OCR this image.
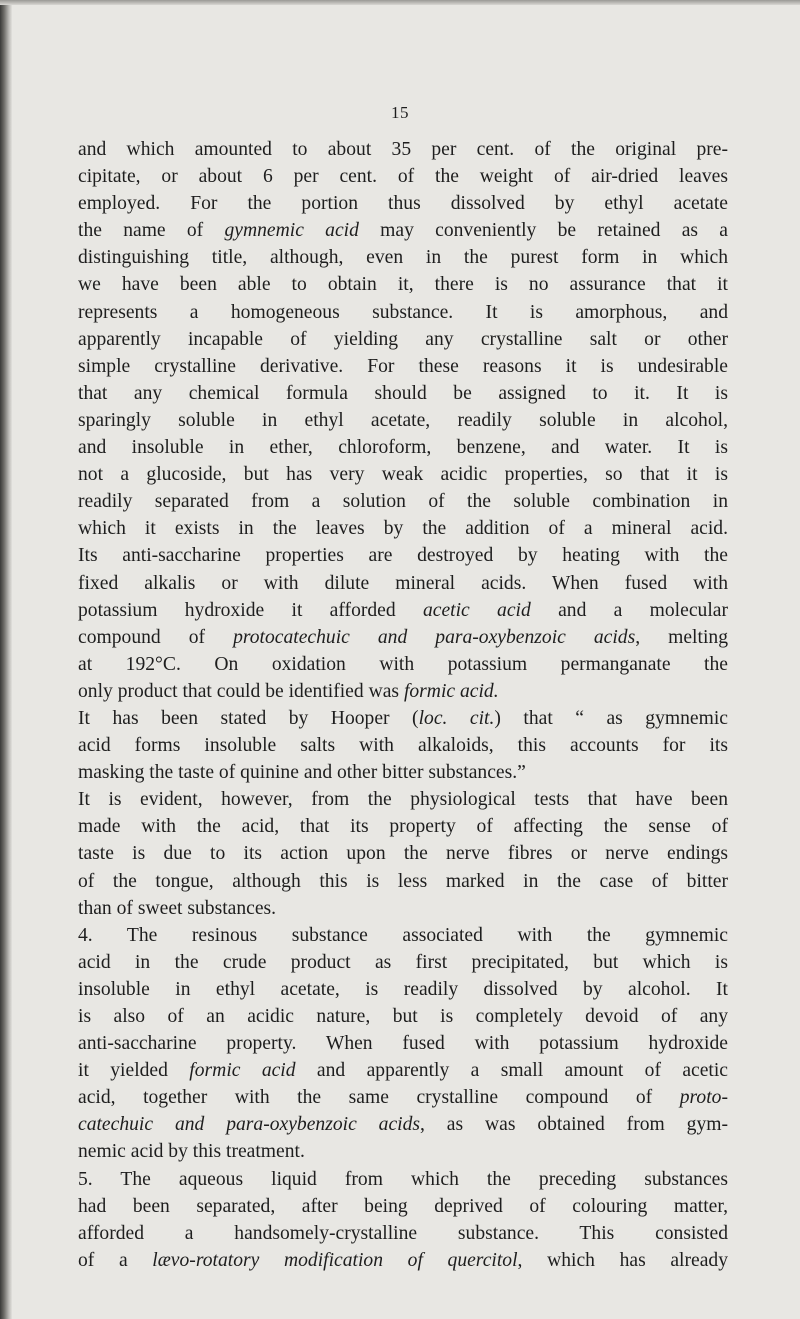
15
and which amounted to about 35 per cent. of the original pre-
cipitate, or about 6 per cent. of the weight of air-dried leaves
employed. For the portion thus dissolved by ethyl acetate
the name of gymnemic acid may conveniently be retained as a
distinguishing title, although, even in the purest form in which
we have been able to obtain it, there is no assurance that it
represents a homogeneous substance. It is amorphous, and
apparently incapable of yielding any crystalline salt or other
simple crystalline derivative. For these reasons it is undesirable
that any chemical formula should be assigned to it. It is
sparingly soluble in ethyl acetate, readily soluble in alcohol,
and insoluble in ether, chloroform, benzene, and water. It is
not a glucoside, but has very weak acidic properties, so that it is
readily separated from a solution of the soluble combination in
which it exists in the leaves by the addition of a mineral acid.
Its anti-saccharine properties are destroyed by heating with the
fixed alkalis or with dilute mineral acids. When fused with
potassium hydroxide it afforded acetic acid and a molecular
compound of protocatechuic and para-oxybenzoic acids, melting
at 192°C. On oxidation with potassium permanganate the
only product that could be identified was formic acid.
It has been stated by Hooper (loc. cit.) that “ as gymnemic
acid forms insoluble salts with alkaloids, this accounts for its
masking the taste of quinine and other bitter substances.”
It is evident, however, from the physiological tests that have been
made with the acid, that its property of affecting the sense of
taste is due to its action upon the nerve fibres or nerve endings
of the tongue, although this is less marked in the case of bitter
than of sweet substances.
4. The resinous substance associated with the gymnemic
acid in the crude product as first precipitated, but which is
insoluble in ethyl acetate, is readily dissolved by alcohol. It
is also of an acidic nature, but is completely devoid of any
anti-saccharine property. When fused with potassium hydroxide
it yielded formic acid and apparently a small amount of acetic
acid, together with the same crystalline compound of proto-
catechuic and para-oxybenzoic acids, as was obtained from gym-
nemic acid by this treatment.
5. The aqueous liquid from which the preceding substances
had been separated, after being deprived of colouring matter,
afforded a handsomely-crystalline substance. This consisted
of a lævo-rotatory modification of quercitol, which has already
